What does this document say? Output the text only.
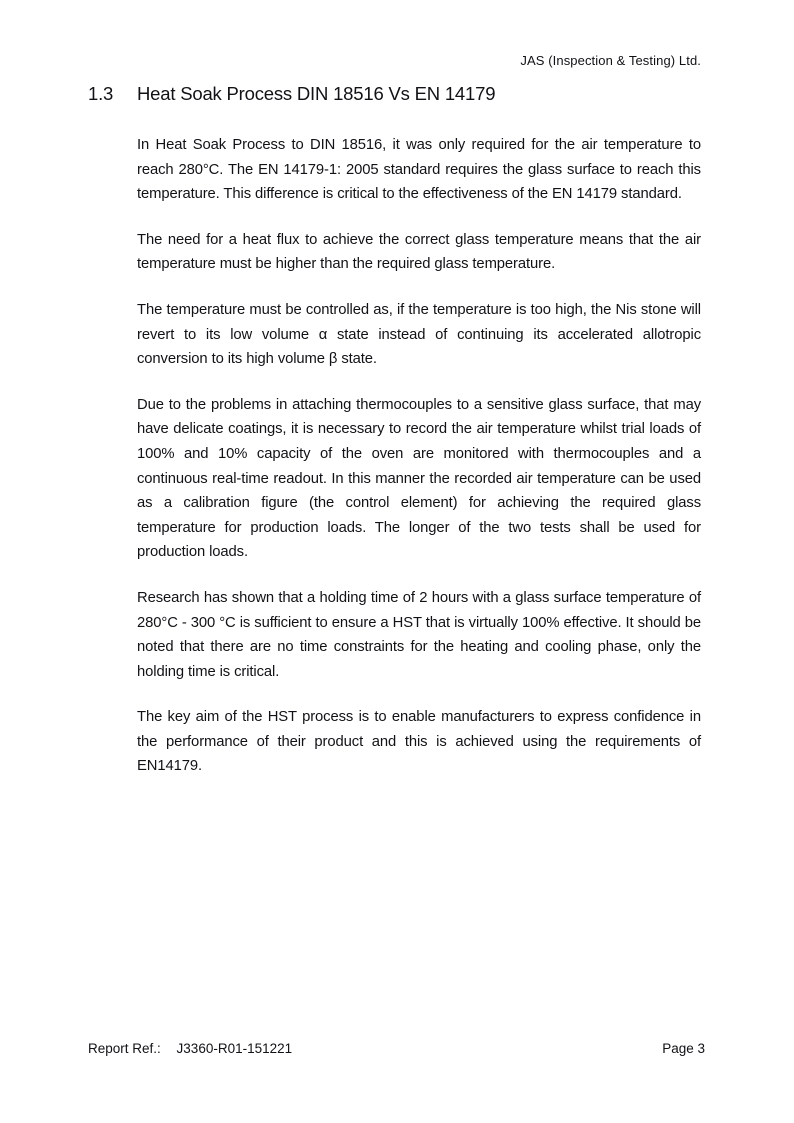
JAS (Inspection & Testing) Ltd.
1.3	Heat Soak Process DIN 18516 Vs EN 14179

In Heat Soak Process to DIN 18516, it was only required for the air temperature to reach 280°C. The EN 14179-1: 2005 standard requires the glass surface to reach this temperature. This difference is critical to the effectiveness of the EN 14179 standard.

The need for a heat flux to achieve the correct glass temperature means that the air temperature must be higher than the required glass temperature.

The temperature must be controlled as, if the temperature is too high, the Nis stone will revert to its low volume α state instead of continuing its accelerated allotropic conversion to its high volume β state.

Due to the problems in attaching thermocouples to a sensitive glass surface, that may have delicate coatings, it is necessary to record the air temperature whilst trial loads of 100% and 10% capacity of the oven are monitored with thermocouples and a continuous real-time readout. In this manner the recorded air temperature can be used as a calibration figure (the control element) for achieving the required glass temperature for production loads. The longer of the two tests shall be used for production loads.

Research has shown that a holding time of 2 hours with a glass surface temperature of 280°C - 300 °C is sufficient to ensure a HST that is virtually 100% effective. It should be noted that there are no time constraints for the heating and cooling phase, only the holding time is critical.

The key aim of the HST process is to enable manufacturers to express confidence in the performance of their product and this is achieved using the requirements of EN14179.

Report Ref.: J3360-R01-151221	Page 3
